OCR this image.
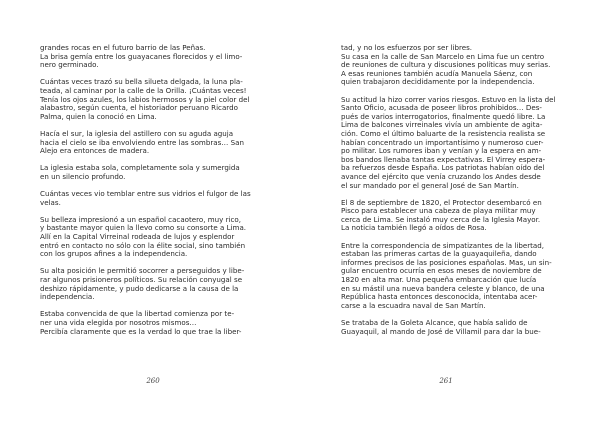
grandes rocas en el futuro barrio de las Peñas.
La brisa gemía entre los guayacanes florecidos y el limo-
nero germinado.

Cuántas veces trazó su bella silueta delgada, la luna pla-
teada, al caminar por la calle de la Orilla. ¡Cuántas veces!
Tenía los ojos azules, los labios hermosos y la piel color del
alabastro, según cuenta, el historiador peruano Ricardo
Palma, quien la conoció en Lima.

Hacía el sur, la iglesia del astillero con su aguda aguja
hacia el cielo se iba envolviendo entre las sombras… San
Alejo era entonces de madera.

La iglesia estaba sola, completamente sola y sumergida
en un silencio profundo.

Cuántas veces vio temblar entre sus vidrios el fulgor de las
velas.

Su belleza impresionó a un español cacaotero, muy rico,
y bastante mayor quien la llevo como su consorte a Lima.
Allí en la Capital Virreinal rodeada de lujos y esplendor
entró en contacto no sólo con la élite social, sino también
con los grupos afines a la independencia.

Su alta posición le permitió socorrer a perseguidos y libe-
rar algunos prisioneros políticos. Su relación conyugal se
deshizo rápidamente, y pudo dedicarse a la causa de la
independencia.

Estaba convencida de que la libertad comienza por te-
ner una vida elegida por nosotros mismos…
Percibía claramente que es la verdad lo que trae la liber-

260

tad, y no los esfuerzos por ser libres.
Su casa en la calle de San Marcelo en Lima fue un centro
de reuniones de cultura y discusiones políticas muy serias.
A esas reuniones también acudía Manuela Sáenz, con
quien trabajaron decididamente por la independencia.

Su actitud la hizo correr varios riesgos. Estuvo en la lista del
Santo Oficio, acusada de poseer libros prohibidos… Des-
pués de varios interrogatorios, finalmente quedó libre. La
Lima de balcones virreinales vivía un ambiente de agita-
ción. Como el último baluarte de la resistencia realista se
habían concentrado un importantísimo y numeroso cuer-
po militar. Los rumores iban y venían y la espera en am-
bos bandos llenaba tantas expectativas. El Virrey espera-
ba refuerzos desde España. Los patriotas habían oído del
avance del ejército que venía cruzando los Andes desde
el sur mandado por el general José de San Martín.

El 8 de septiembre de 1820, el Protector desembarcó en
Pisco para establecer una cabeza de playa militar muy
cerca de Lima. Se instaló muy cerca de la Iglesia Mayor.
La noticia también llegó a oídos de Rosa.

Entre la correspondencia de simpatizantes de la libertad,
estaban las primeras cartas de la guayaquileña, dando
informes precisos de las posiciones españolas. Mas, un sin-
gular encuentro ocurría en esos meses de noviembre de
1820 en alta mar. Una pequeña embarcación que lucía
en su mástil una nueva bandera celeste y blanco, de una
República hasta entonces desconocida, intentaba acer-
carse a la escuadra naval de San Martín.

Se trataba de la Goleta Alcance, que había salido de
Guayaquil, al mando de José de Villamil para dar la bue-

261
